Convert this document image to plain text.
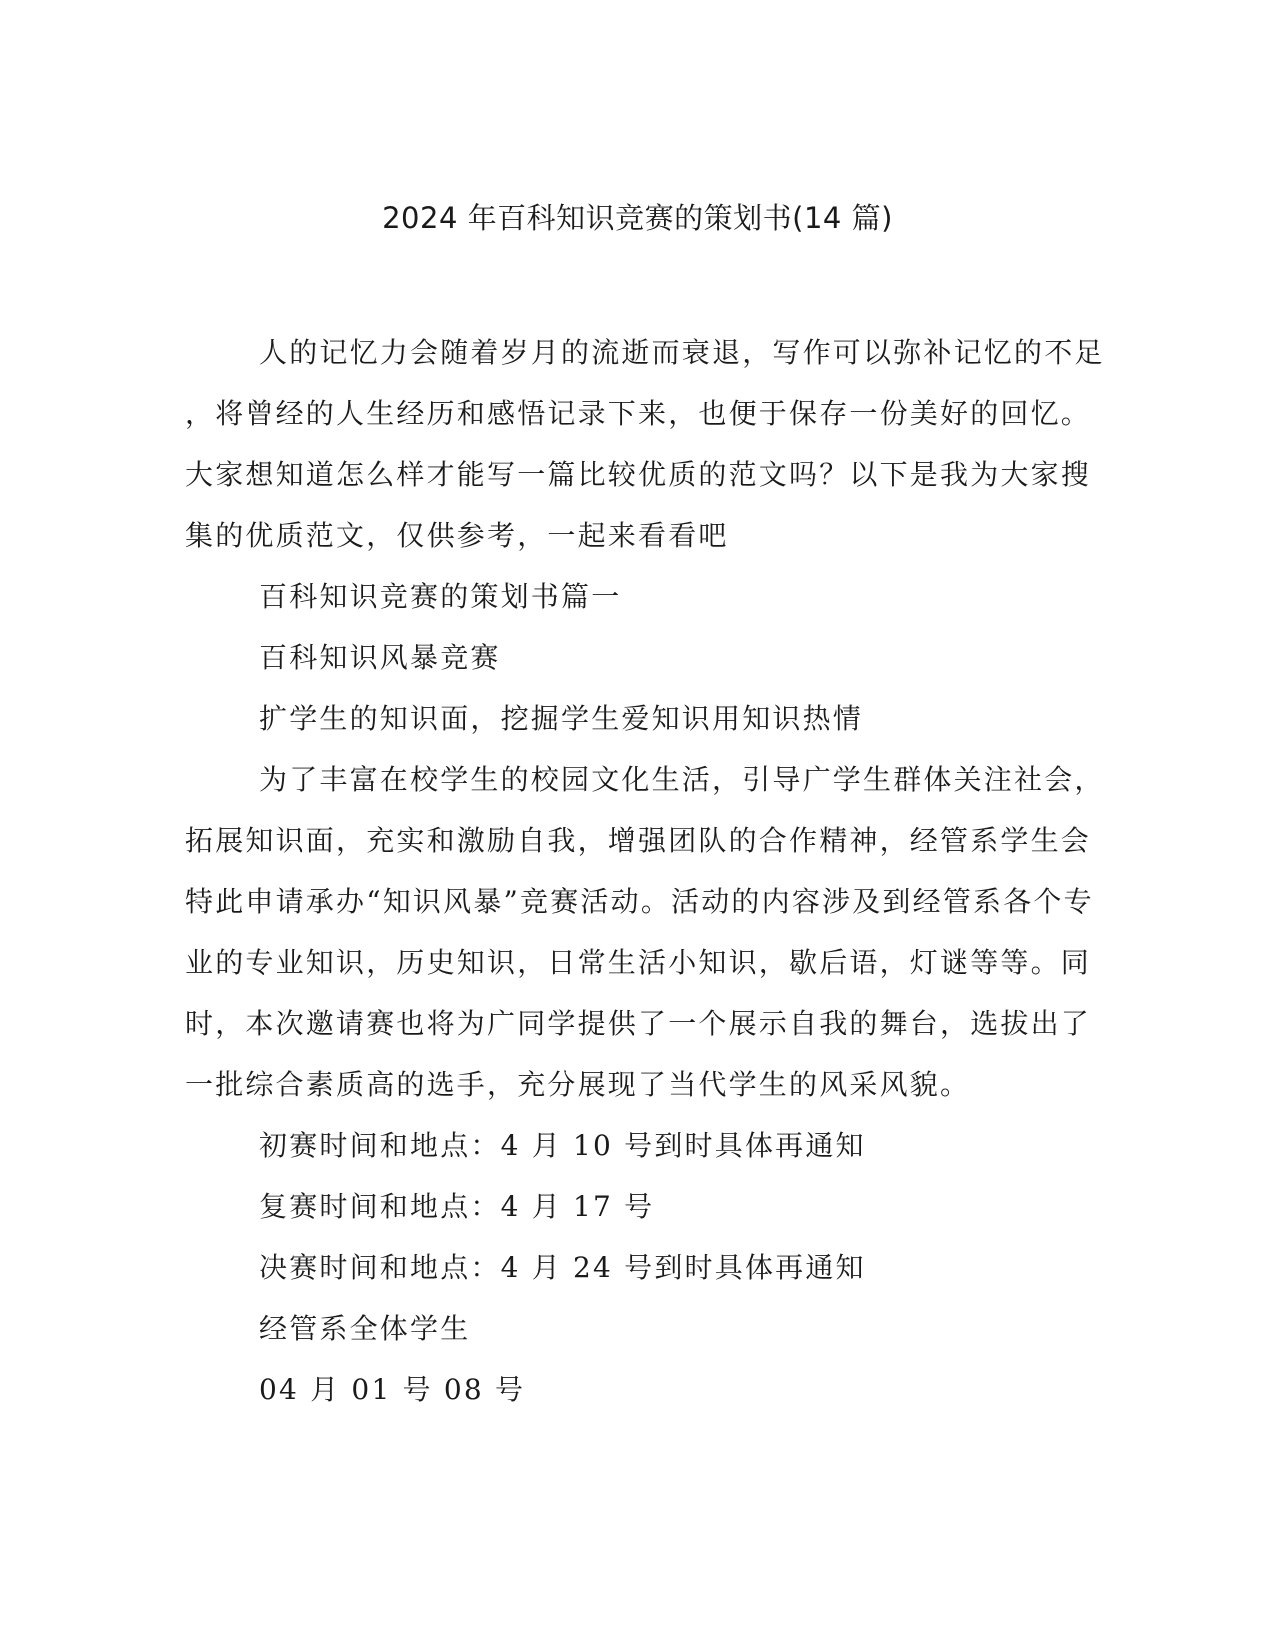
2024 年百科知识竞赛的策划书(14 篇)

人的记忆力会随着岁月的流逝而衰退，写作可以弥补记忆的不足
，将曾经的人生经历和感悟记录下来，也便于保存一份美好的回忆。
大家想知道怎么样才能写一篇比较优质的范文吗？以下是我为大家搜
集的优质范文，仅供参考，一起来看看吧

百科知识竞赛的策划书篇一

百科知识风暴竞赛

扩学生的知识面，挖掘学生爱知识用知识热情

为了丰富在校学生的校园文化生活，引导广学生群体关注社会，
拓展知识面，充实和激励自我，增强团队的合作精神，经管系学生会
特此申请承办“知识风暴”竞赛活动。活动的内容涉及到经管系各个专
业的专业知识，历史知识，日常生活小知识，歇后语，灯谜等等。同
时，本次邀请赛也将为广同学提供了一个展示自我的舞台，选拔出了
一批综合素质高的选手，充分展现了当代学生的风采风貌。

初赛时间和地点：4 月 10 号到时具体再通知

复赛时间和地点：4 月 17 号

决赛时间和地点：4 月 24 号到时具体再通知

经管系全体学生

04 月 01 号 08 号
